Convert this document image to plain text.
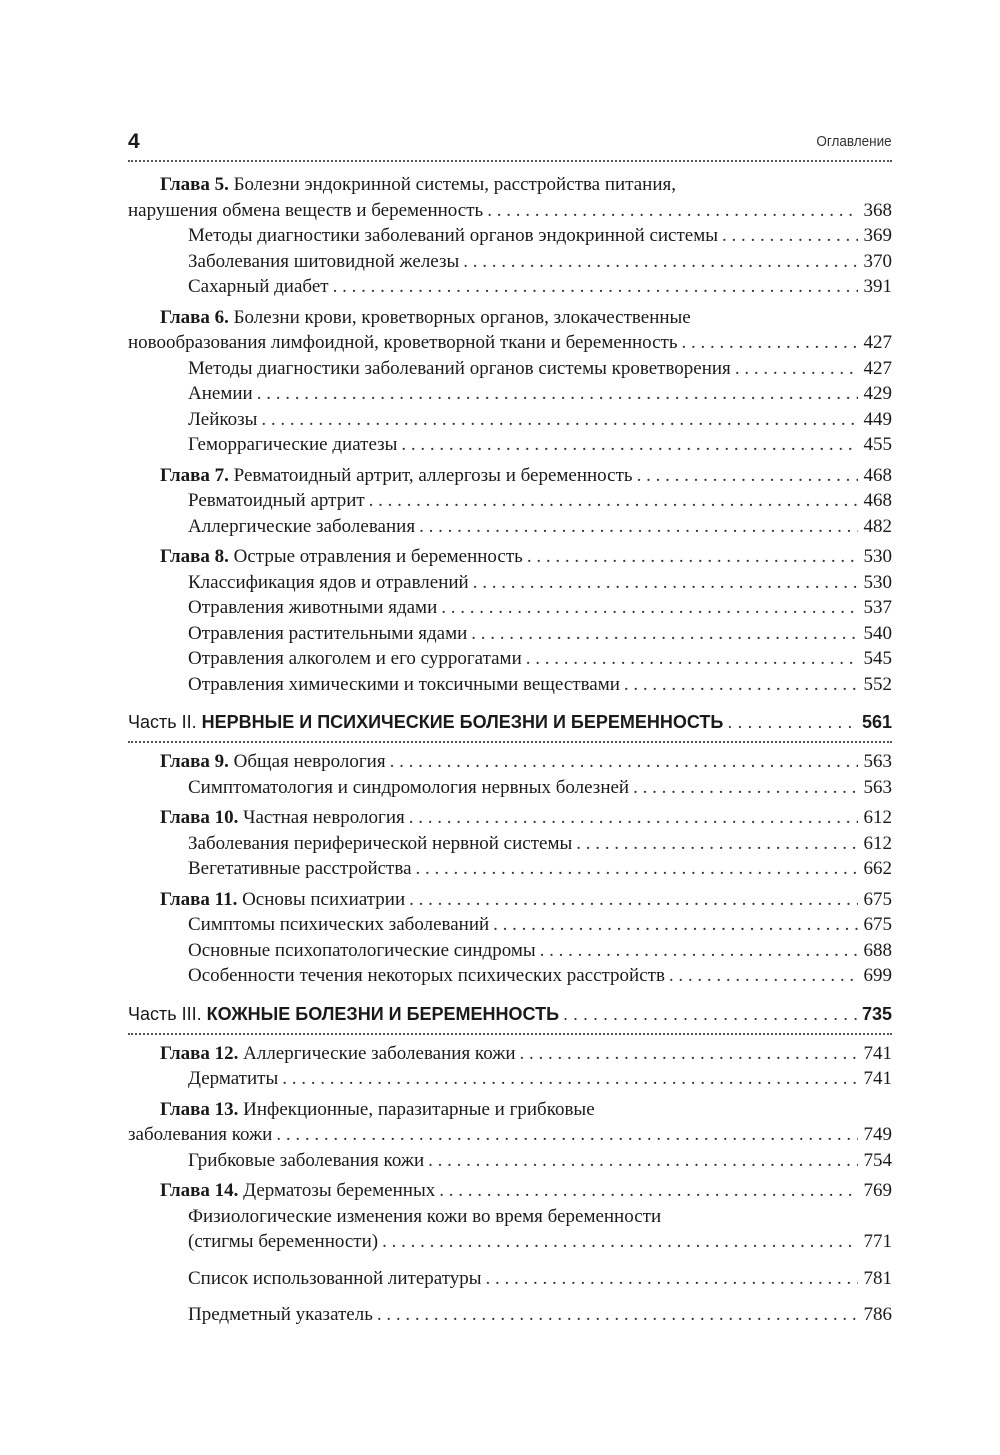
4	Оглавление
Глава 5. Болезни эндокринной системы, расстройства питания,
нарушения обмена веществ и беременность . . .	368
Методы диагностики заболеваний органов эндокринной системы . . .	369
Заболевания шитовидной железы . . .	370
Сахарный диабет . . .	391
Глава 6. Болезни крови, кроветворных органов, злокачественные
новообразования лимфоидной, кроветворной ткани и беременность . . .	427
Методы диагностики заболеваний органов системы кроветворения . . .	427
Анемии . . .	429
Лейкозы . . .	449
Геморрагические диатезы . . .	455
Глава 7. Ревматоидный артрит, аллергозы и беременность . . .	468
Ревматоидный артрит . . .	468
Аллергические заболевания . . .	482
Глава 8. Острые отравления и беременность . . .	530
Классификация ядов и отравлений . . .	530
Отравления животными ядами . . .	537
Отравления растительными ядами . . .	540
Отравления алкоголем и его суррогатами . . .	545
Отравления химическими и токсичными веществами . . .	552
Часть II. НЕРВНЫЕ И ПСИХИЧЕСКИЕ БОЛЕЗНИ И БЕРЕМЕННОСТЬ . . .	561
Глава 9. Общая неврология . . .	563
Симптоматология и синдромология нервных болезней . . .	563
Глава 10. Частная неврология . . .	612
Заболевания периферической нервной системы . . .	612
Вегетативные расстройства . . .	662
Глава 11. Основы психиатрии . . .	675
Симптомы психических заболеваний . . .	675
Основные психопатологические синдромы . . .	688
Особенности течения некоторых психических расстройств . . .	699
Часть III. КОЖНЫЕ БОЛЕЗНИ И БЕРЕМЕННОСТЬ . . .	735
Глава 12. Аллергические заболевания кожи . . .	741
Дерматиты . . .	741
Глава 13. Инфекционные, паразитарные и грибковые
заболевания кожи . . .	749
Грибковые заболевания кожи . . .	754
Глава 14. Дерматозы беременных . . .	769
Физиологические изменения кожи во время беременности
(стигмы беременности) . . .	771
Список использованной литературы . . .	781
Предметный указатель . . .	786
